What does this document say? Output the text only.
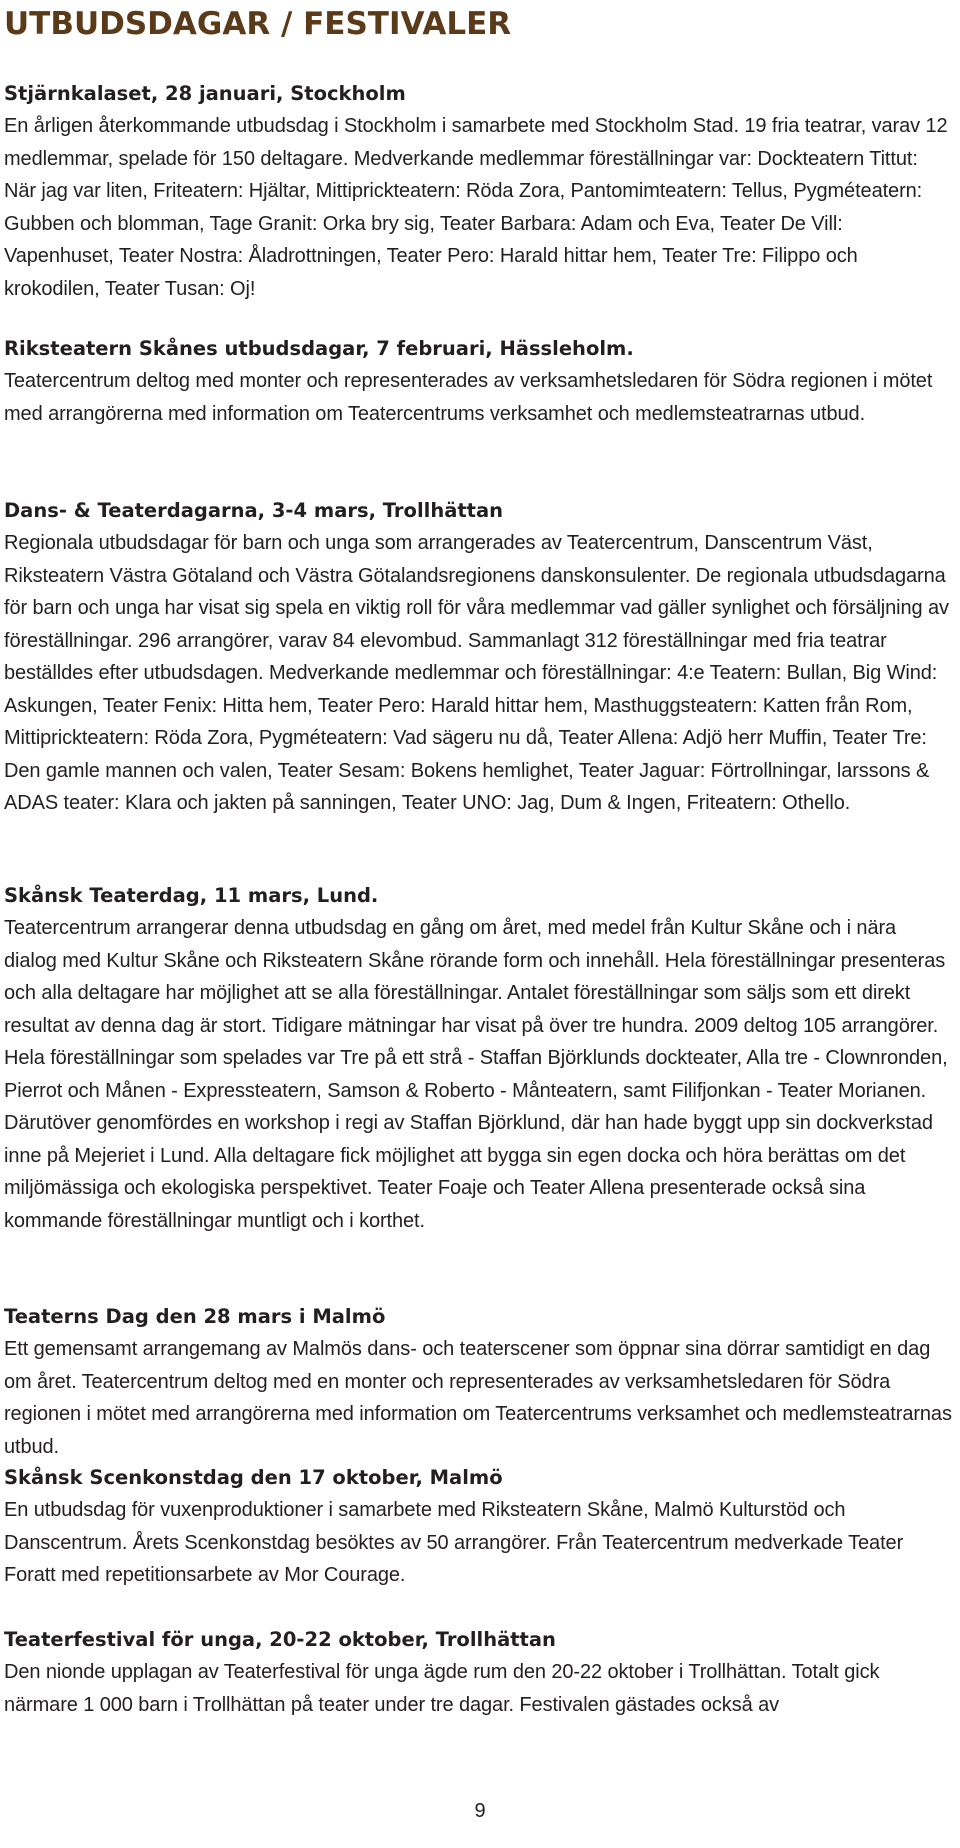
UTBUDSDAGAR / FESTIVALER
Stjärnkalaset, 28 januari, Stockholm

En årligen återkommande utbudsdag i Stockholm i samarbete med Stockholm Stad. 19 fria teatrar, varav 12 medlemmar, spelade för 150 deltagare. Medverkande medlemmar föreställningar var: Dockteatern Tittut: När jag var liten, Friteatern: Hjältar, Mittiprickteatern: Röda Zora, Pantomimteatern: Tellus, Pygméteatern: Gubben och blomman, Tage Granit: Orka bry sig, Teater Barbara: Adam och Eva, Teater De Vill: Vapenhuset, Teater Nostra: Åladrottningen, Teater Pero: Harald hittar hem, Teater Tre: Filippo och krokodilen, Teater Tusan: Oj!

Riksteatern Skånes utbudsdagar, 7 februari, Hässleholm.

Teatercentrum deltog med monter och representerades av verksamhetsledaren för Södra regionen i mötet med arrangörerna med information om Teatercentrums verksamhet och medlemsteatrarnas utbud.

Dans- & Teaterdagarna, 3-4 mars, Trollhättan

Regionala utbudsdagar för barn och unga som arrangerades av Teatercentrum, Danscentrum Väst, Riksteatern Västra Götaland och Västra Götalandsregionens danskonsulenter. De regionala utbudsdagarna för barn och unga har visat sig spela en viktig roll för våra medlemmar vad gäller synlighet och försäljning av föreställningar. 296 arrangörer, varav 84 elevombud. Sammanlagt 312 föreställningar med fria teatrar beställdes efter utbudsdagen. Medverkande medlemmar och föreställningar: 4:e Teatern: Bullan, Big Wind: Askungen, Teater Fenix: Hitta hem, Teater Pero: Harald hittar hem, Masthuggsteatern: Katten från Rom, Mittiprickteatern: Röda Zora, Pygméteatern: Vad sägeru nu då, Teater Allena: Adjö herr Muffin, Teater Tre: Den gamle mannen och valen, Teater Sesam: Bokens hemlighet, Teater Jaguar: Förtrollningar, larssons & ADAS teater: Klara och jakten på sanningen, Teater UNO: Jag, Dum & Ingen, Friteatern: Othello.

Skånsk Teaterdag, 11 mars, Lund.

Teatercentrum arrangerar denna utbudsdag en gång om året, med medel från Kultur Skåne och i nära dialog med Kultur Skåne och Riksteatern Skåne rörande form och innehåll. Hela föreställningar presenteras och alla deltagare har möjlighet att se alla föreställningar. Antalet föreställningar som säljs som ett direkt resultat av denna dag är stort. Tidigare mätningar har visat på över tre hundra. 2009 deltog 105 arrangörer. Hela föreställningar som spelades var Tre på ett strå - Staffan Björklunds dockteater, Alla tre - Clownronden, Pierrot och Månen - Expressteatern, Samson & Roberto - Månteatern, samt Filifjonkan - Teater Morianen. Därutöver genomfördes en workshop i regi av Staffan Björklund, där han hade byggt upp sin dockverkstad inne på Mejeriet i Lund. Alla deltagare fick möjlighet att bygga sin egen docka och höra berättas om det miljömässiga och ekologiska perspektivet. Teater Foaje och Teater Allena presenterade också sina kommande föreställningar muntligt och i korthet.

Teaterns Dag den 28 mars i Malmö

Ett gemensamt arrangemang av Malmös dans- och teaterscener som öppnar sina dörrar samtidigt en dag om året. Teatercentrum deltog med en monter och representerades av verksamhetsledaren för Södra regionen i mötet med arrangörerna med information om Teatercentrums verksamhet och medlemsteatrarnas utbud.

Skånsk Scenkonstdag den 17 oktober, Malmö

En utbudsdag för vuxenproduktioner i samarbete med Riksteatern Skåne, Malmö Kulturstöd och Danscentrum. Årets Scenkonstdag besöktes av 50 arrangörer. Från Teatercentrum medverkade Teater Foratt med repetitionsarbete av Mor Courage.

Teaterfestival för unga, 20-22 oktober, Trollhättan

Den nionde upplagan av Teaterfestival för unga ägde rum den 20-22 oktober i Trollhättan. Totalt gick närmare 1 000 barn i Trollhättan på teater under tre dagar. Festivalen gästades också av

9
